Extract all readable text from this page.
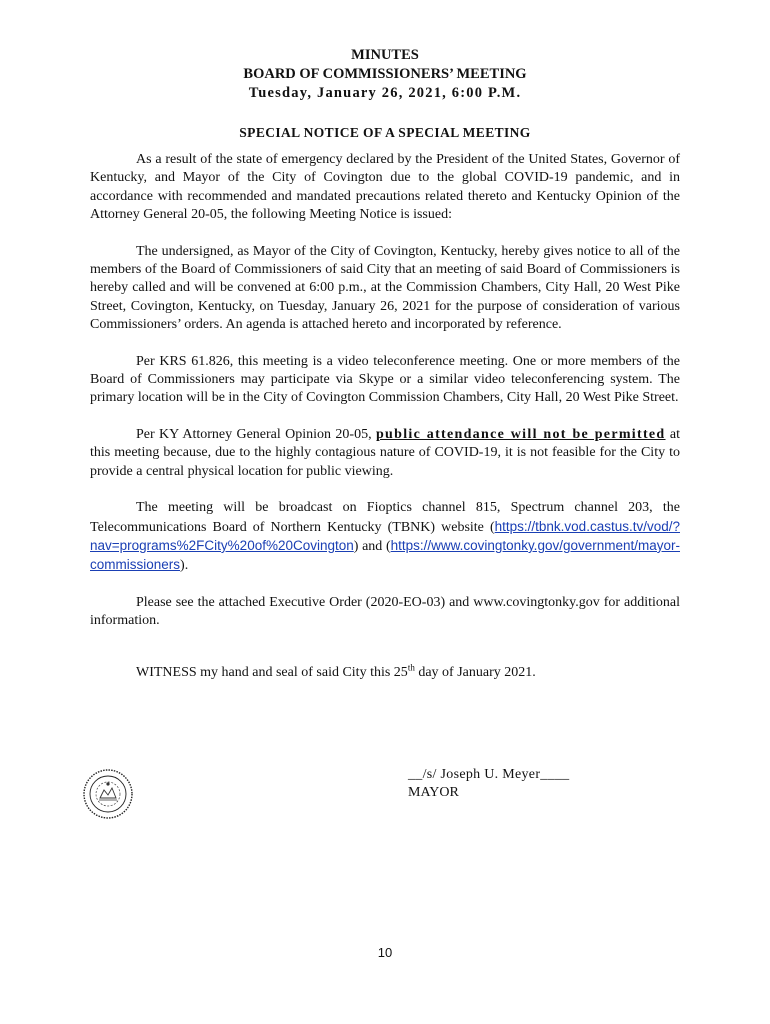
MINUTES
BOARD OF COMMISSIONERS’ MEETING
Tuesday, January 26, 2021, 6:00 P.M.
SPECIAL NOTICE OF A SPECIAL MEETING

As a result of the state of emergency declared by the President of the United States, Governor of Kentucky, and Mayor of the City of Covington due to the global COVID-19 pandemic, and in accordance with recommended and mandated precautions related thereto and Kentucky Opinion of the Attorney General 20-05, the following Meeting Notice is issued:

The undersigned, as Mayor of the City of Covington, Kentucky, hereby gives notice to all of the members of the Board of Commissioners of said City that an meeting of said Board of Commissioners is hereby called and will be convened at 6:00 p.m., at the Commission Chambers, City Hall, 20 West Pike Street, Covington, Kentucky, on Tuesday, January 26, 2021 for the purpose of consideration of various Commissioners’ orders. An agenda is attached hereto and incorporated by reference.

Per KRS 61.826, this meeting is a video teleconference meeting. One or more members of the Board of Commissioners may participate via Skype or a similar video teleconferencing system. The primary location will be in the City of Covington Commission Chambers, City Hall, 20 West Pike Street.

Per KY Attorney General Opinion 20-05, public attendance will not be permitted at this meeting because, due to the highly contagious nature of COVID-19, it is not feasible for the City to provide a central physical location for public viewing.

The meeting will be broadcast on Fioptics channel 815, Spectrum channel 203, the Telecommunications Board of Northern Kentucky (TBNK) website (https://tbnk.vod.castus.tv/vod/?nav=programs%2FCity%20of%20Covington) and (https://www.covingtonky.gov/government/mayor-commissioners).

Please see the attached Executive Order (2020-EO-03) and www.covingtonky.gov for additional information.

WITNESS my hand and seal of said City this 25th day of January 2021.

__/s/ Joseph U. Meyer____
MAYOR
10
